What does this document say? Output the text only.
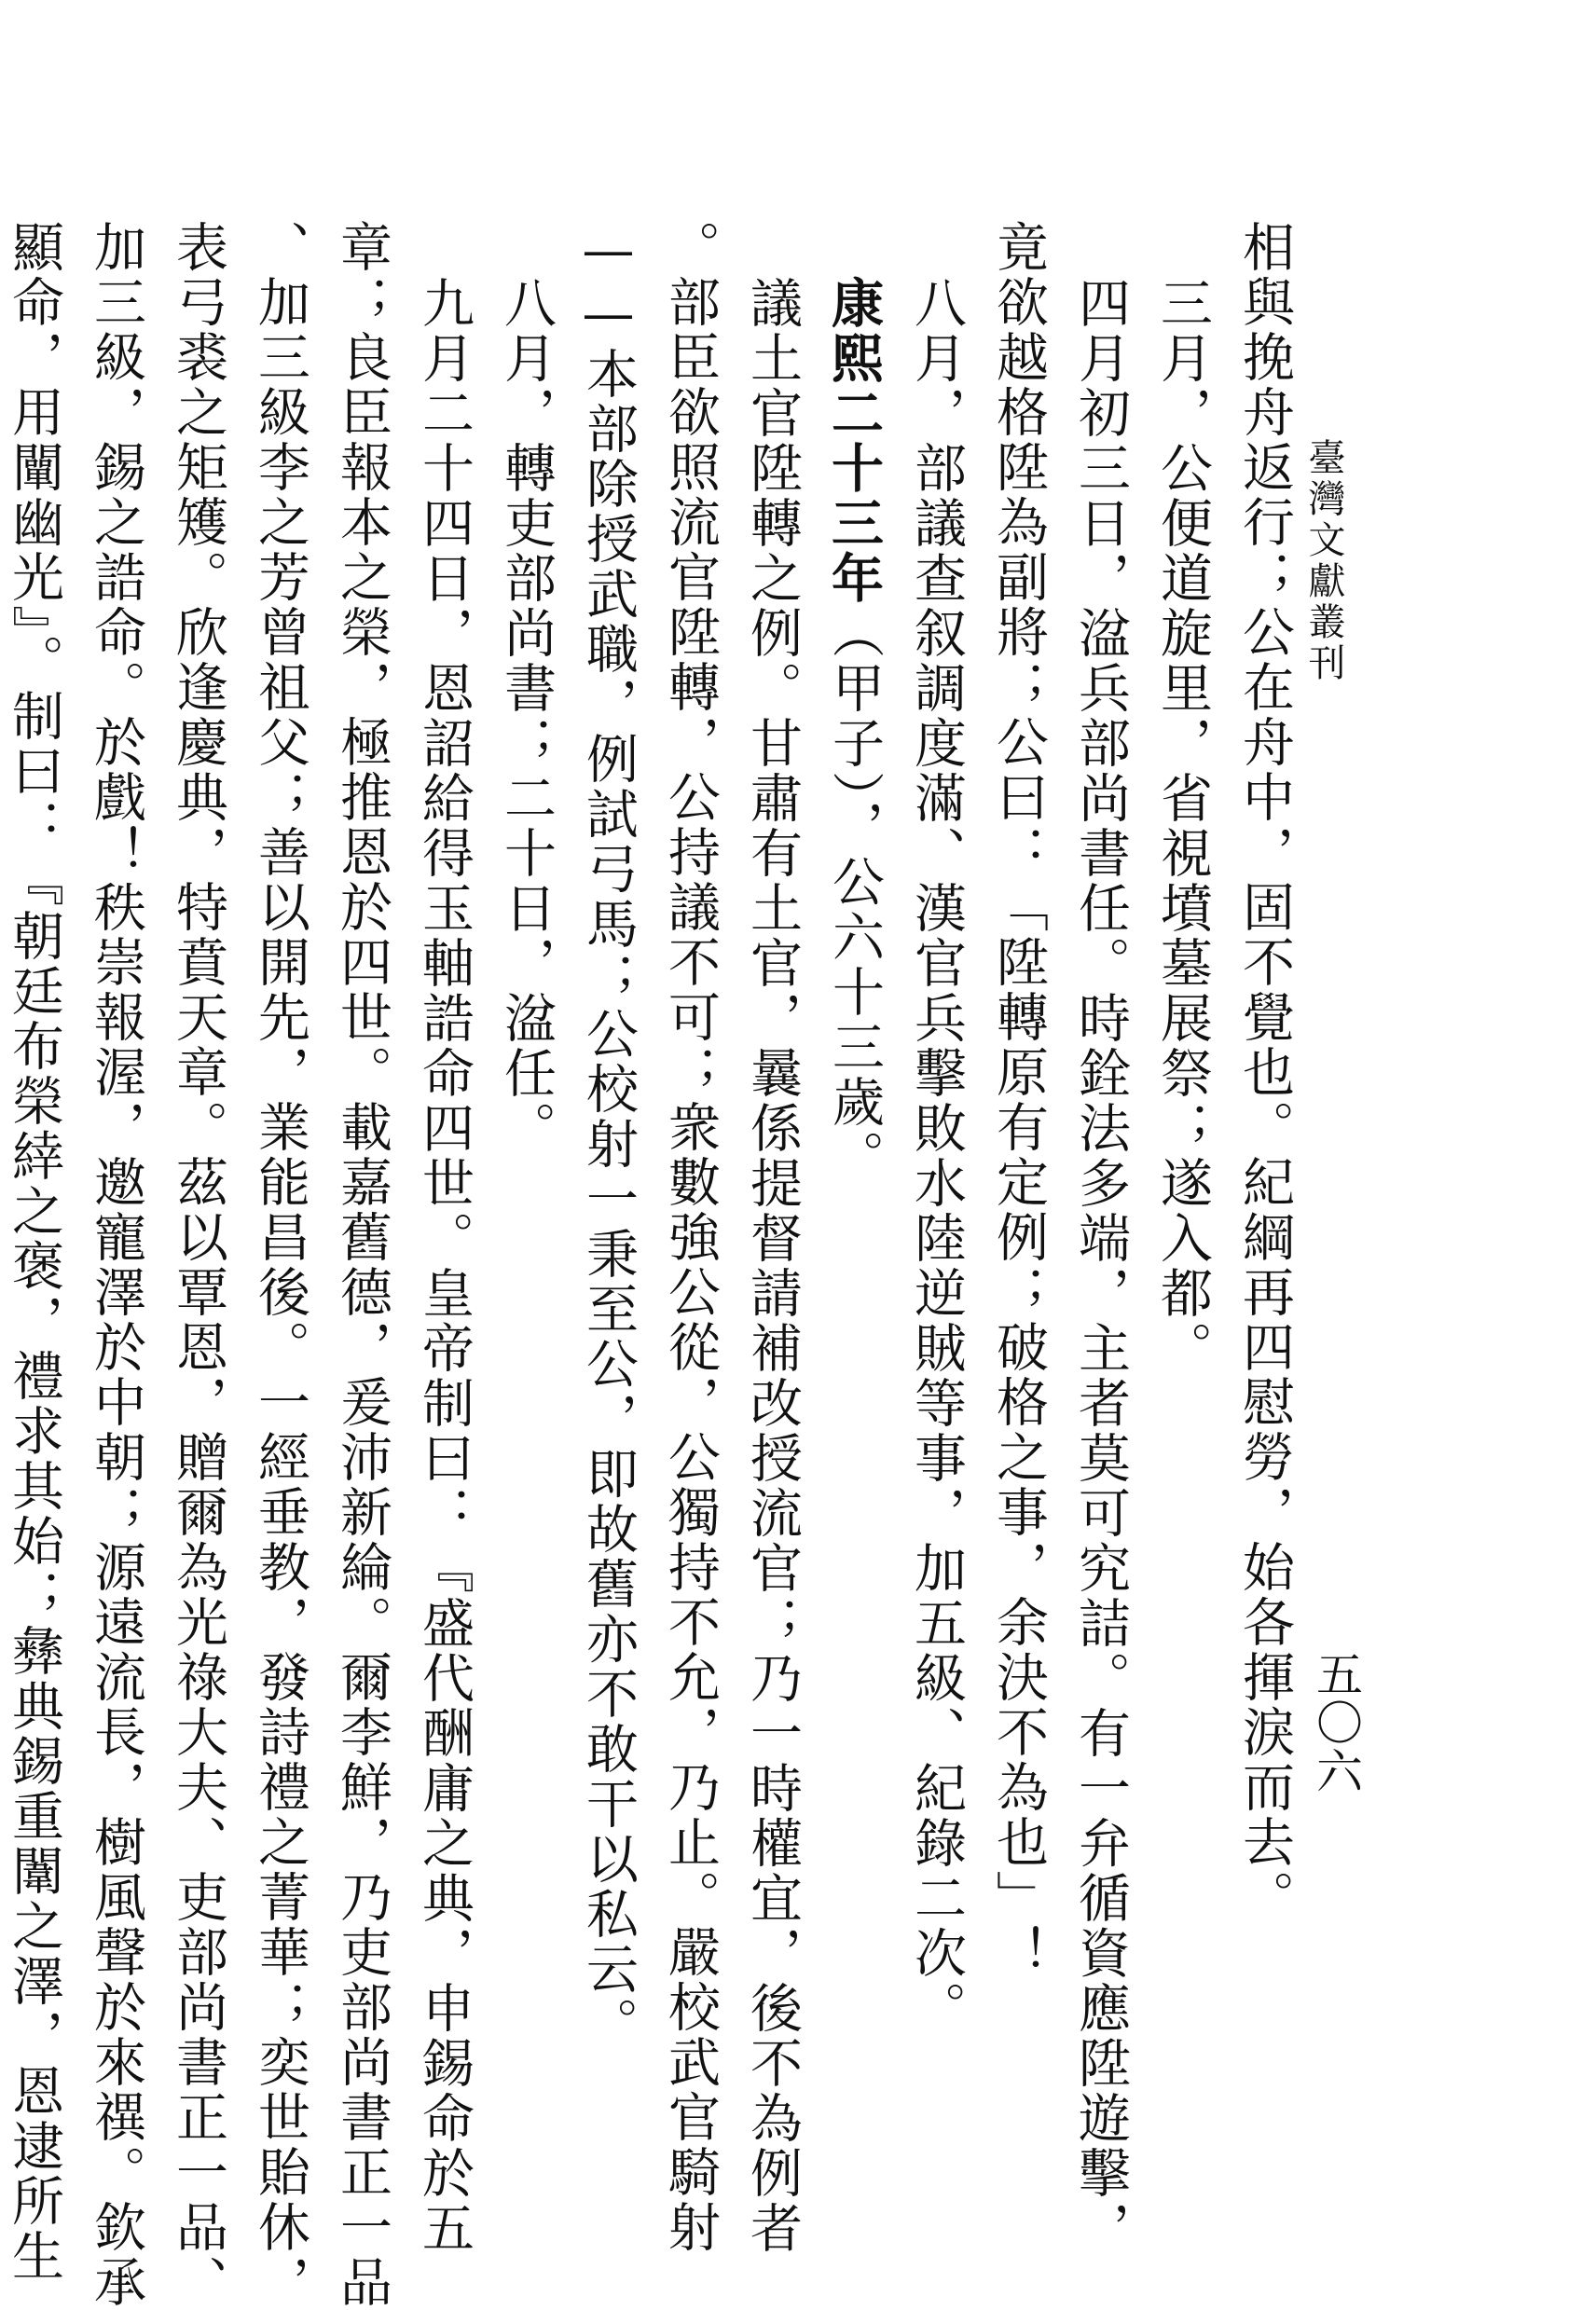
臺灣文獻叢刊
五〇六
相與挽舟返行；公在舟中，固不覺也。紀綱再四慰勞，始各揮淚而去。
三月，公便道旋里，省視墳墓展祭；遂入都。
四月初三日，湓兵部尚書任。時銓法多端，主者莫可究詰。有一弁循資應陞遊擊，
竟欲越格陞為副將；公曰：「陞轉原有定例；破格之事，余決不為也」！
八月，部議查叙調度滿、漢官兵擊敗水陸逆賊等事，加五級、紀錄二次。
康熙二十三年（甲子），公六十三歲。
議土官陞轉之例。甘肅有土官，曩係提督請補改授流官；乃一時權宜，後不為例者
。部臣欲照流官陞轉，公持議不可；衆數強公從，公獨持不允，乃止。嚴校武官騎射
——本部除授武職，例試弓馬；公校射一秉至公，即故舊亦不敢干以私云。
八月，轉吏部尚書；二十日，湓任。
九月二十四日，恩詔給得玉軸誥命四世。皇帝制曰：『盛代酬庸之典，申錫命於五
章；良臣報本之榮，極推恩於四世。載嘉舊德，爰沛新綸。爾李鮮，乃吏部尚書正一品
、加三級李之芳曾祖父；善以開先，業能昌後。一經垂教，發詩禮之菁華；奕世貽休，
表弓裘之矩矱。欣逢慶典，特賁天章。茲以覃恩，贈爾為光祿大夫、吏部尚書正一品、
加三級，錫之誥命。於戲！秩崇報渥，邀寵澤於中朝；源遠流長，樹風聲於來禩。欽承
顯命，用闡幽光』。制曰：『朝廷布榮緈之褒，禮求其始；彝典錫重闈之澤，恩逮所生
